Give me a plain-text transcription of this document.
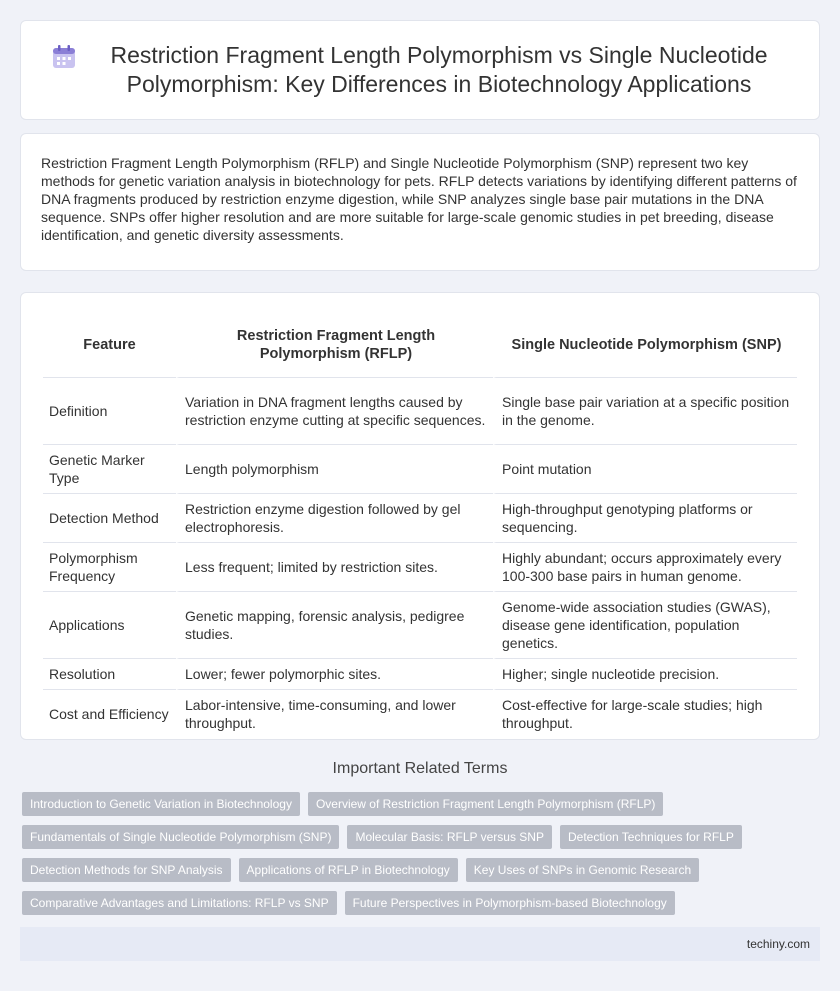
Restriction Fragment Length Polymorphism vs Single Nucleotide Polymorphism: Key Differences in Biotechnology Applications

Restriction Fragment Length Polymorphism (RFLP) and Single Nucleotide Polymorphism (SNP) represent two key methods for genetic variation analysis in biotechnology for pets. RFLP detects variations by identifying different patterns of DNA fragments produced by restriction enzyme digestion, while SNP analyzes single base pair mutations in the DNA sequence. SNPs offer higher resolution and are more suitable for large-scale genomic studies in pet breeding, disease identification, and genetic diversity assessments.

Feature	Restriction Fragment Length Polymorphism (RFLP)	Single Nucleotide Polymorphism (SNP)
Definition	Variation in DNA fragment lengths caused by restriction enzyme cutting at specific sequences.	Single base pair variation at a specific position in the genome.
Genetic Marker Type	Length polymorphism	Point mutation
Detection Method	Restriction enzyme digestion followed by gel electrophoresis.	High-throughput genotyping platforms or sequencing.
Polymorphism Frequency	Less frequent; limited by restriction sites.	Highly abundant; occurs approximately every 100-300 base pairs in human genome.
Applications	Genetic mapping, forensic analysis, pedigree studies.	Genome-wide association studies (GWAS), disease gene identification, population genetics.
Resolution	Lower; fewer polymorphic sites.	Higher; single nucleotide precision.
Cost and Efficiency	Labor-intensive, time-consuming, and lower throughput.	Cost-effective for large-scale studies; high throughput.
Important Related Terms
Introduction to Genetic Variation in Biotechnology	Overview of Restriction Fragment Length Polymorphism (RFLP)
Fundamentals of Single Nucleotide Polymorphism (SNP)	Molecular Basis: RFLP versus SNP	Detection Techniques for RFLP
Detection Methods for SNP Analysis	Applications of RFLP in Biotechnology	Key Uses of SNPs in Genomic Research
Comparative Advantages and Limitations: RFLP vs SNP	Future Perspectives in Polymorphism-based Biotechnology
techiny.com
